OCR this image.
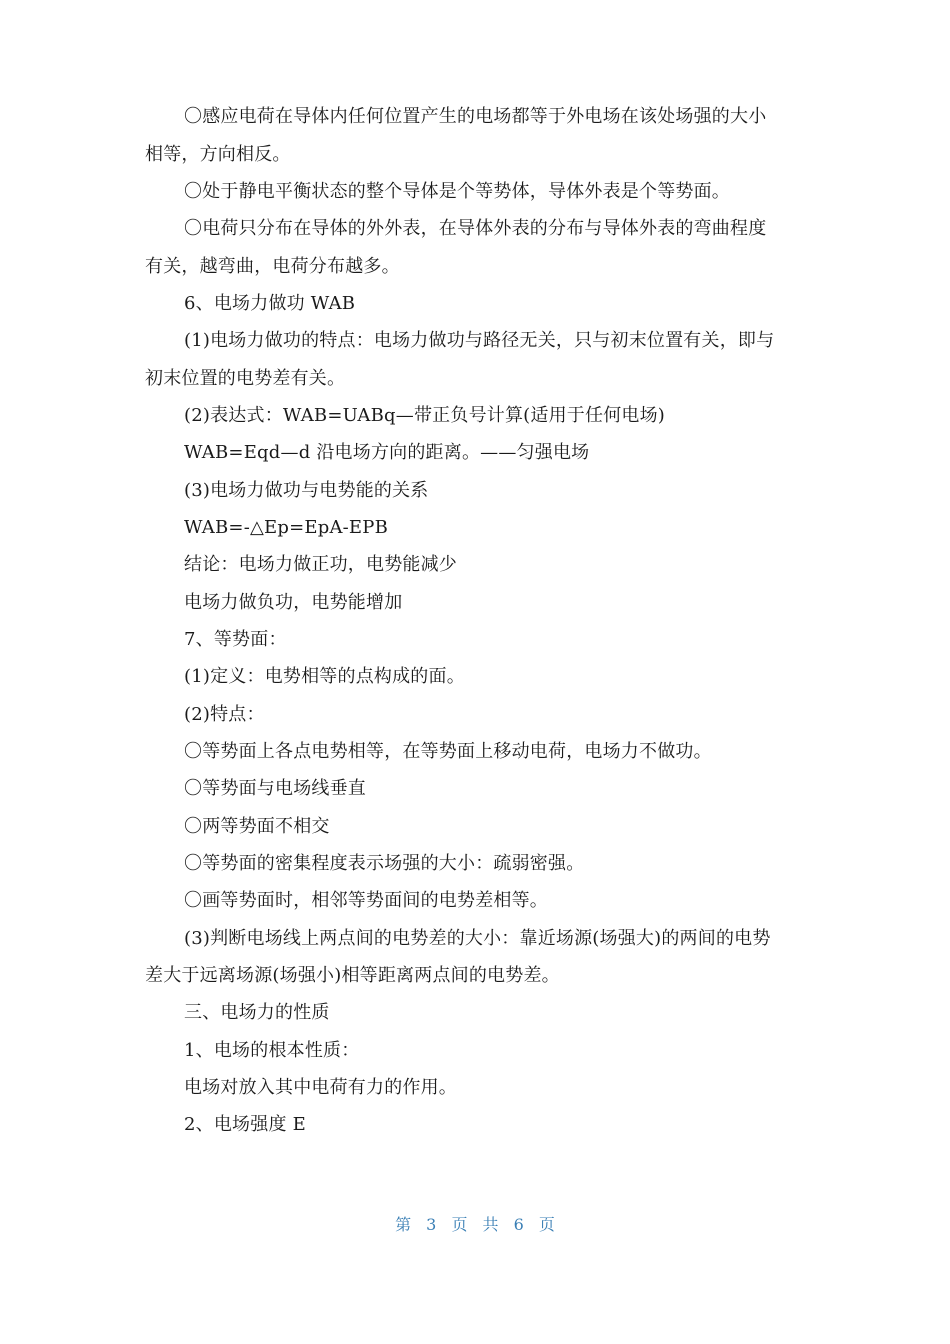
〇感应电荷在导体内任何位置产生的电场都等于外电场在该处场强的大小
相等，方向相反。
〇处于静电平衡状态的整个导体是个等势体，导体外表是个等势面。
〇电荷只分布在导体的外外表，在导体外表的分布与导体外表的弯曲程度
有关，越弯曲，电荷分布越多。
6、电场力做功 WAB
(1)电场力做功的特点：电场力做功与路径无关，只与初末位置有关，即与
初末位置的电势差有关。
(2)表达式：WAB=UABq—带正负号计算(适用于任何电场)
WAB=Eqd—d 沿电场方向的距离。——匀强电场
(3)电场力做功与电势能的关系
WAB=-△Ep=EpA-EPB
结论：电场力做正功，电势能减少
电场力做负功，电势能增加
7、等势面：
(1)定义：电势相等的点构成的面。
(2)特点：
〇等势面上各点电势相等，在等势面上移动电荷，电场力不做功。
〇等势面与电场线垂直
〇两等势面不相交
〇等势面的密集程度表示场强的大小：疏弱密强。
〇画等势面时，相邻等势面间的电势差相等。
(3)判断电场线上两点间的电势差的大小：靠近场源(场强大)的两间的电势
差大于远离场源(场强小)相等距离两点间的电势差。
三、电场力的性质
1、电场的根本性质：
电场对放入其中电荷有力的作用。
2、电场强度 E
第 3 页 共 6 页
